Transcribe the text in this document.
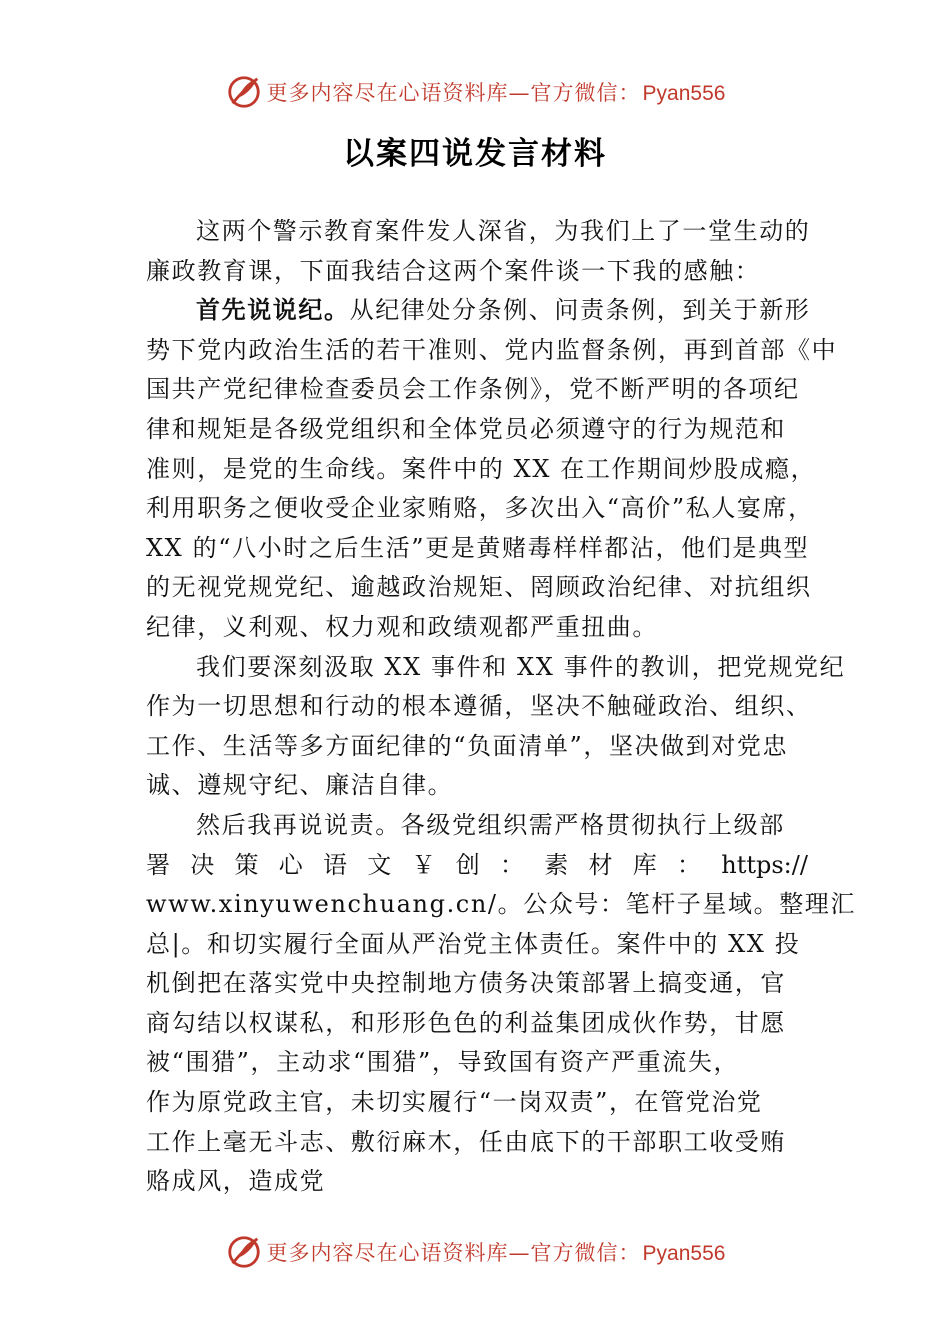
更多内容尽在心语资料库—官方微信：Pyan556
以案四说发言材料
这两个警示教育案件发人深省，为我们上了一堂生动的
廉政教育课，下面我结合这两个案件谈一下我的感触：
首先说说纪。从纪律处分条例、问责条例，到关于新形
势下党内政治生活的若干准则、党内监督条例，再到首部《中
国共产党纪律检查委员会工作条例》，党不断严明的各项纪
律和规矩是各级党组织和全体党员必须遵守的行为规范和
准则，是党的生命线。案件中的 XX 在工作期间炒股成瘾，
利用职务之便收受企业家贿赂，多次出入“高价”私人宴席，
XX 的“八小时之后生活”更是黄赌毒样样都沾，他们是典型
的无视党规党纪、逾越政治规矩、罔顾政治纪律、对抗组织
纪律，义利观、权力观和政绩观都严重扭曲。
我们要深刻汲取 XX 事件和 XX 事件的教训，把党规党纪
作为一切思想和行动的根本遵循，坚决不触碰政治、组织、
工作、生活等多方面纪律的“负面清单”，坚决做到对党忠
诚、遵规守纪、廉洁自律。
然后我再说说责。各级党组织需严格贯彻执行上级部
署 决 策 心 语 文 ￥ 创 ： 素 材 库 ： https://
www.xinyuwenchuang.cn/。公众号：笔杆子星域。整理汇
总|。和切实履行全面从严治党主体责任。案件中的 XX 投
机倒把在落实党中央控制地方债务决策部署上搞变通，官
商勾结以权谋私，和形形色色的利益集团成伙作势，甘愿
被“围猎”，主动求“围猎”，导致国有资产严重流失，
作为原党政主官，未切实履行“一岗双责”，在管党治党
工作上毫无斗志、敷衍麻木，任由底下的干部职工收受贿
赂成风，造成党
更多内容尽在心语资料库—官方微信：Pyan556
